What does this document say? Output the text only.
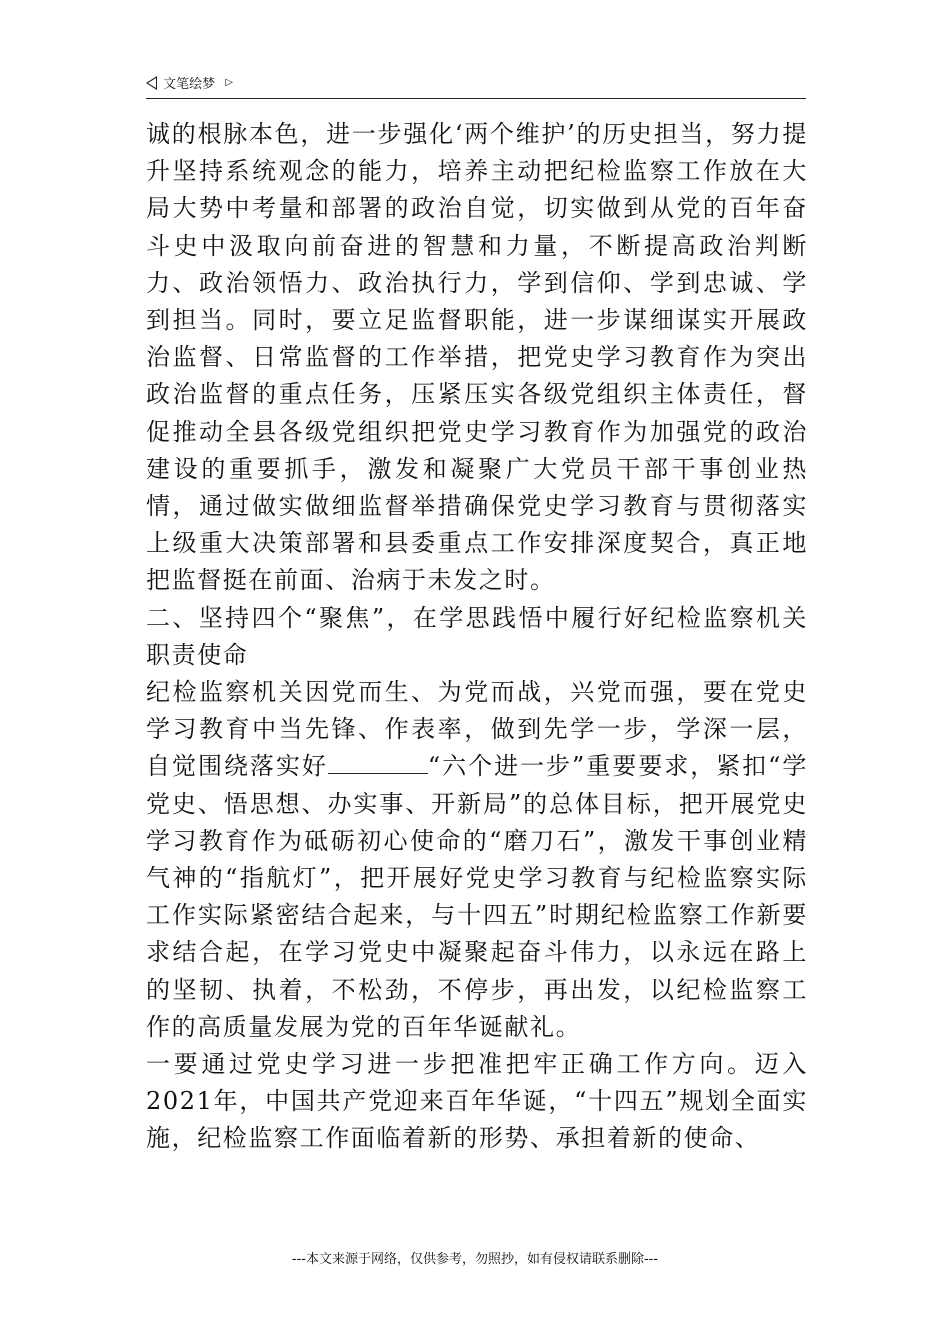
文笔绘梦 ▷

诚的根脉本色，进一步强化‘两个维护’的历史担当，努力提升坚持系统观念的能力，培养主动把纪检监察工作放在大局大势中考量和部署的政治自觉，切实做到从党的百年奋斗史中汲取向前奋进的智慧和力量，不断提高政治判断力、政治领悟力、政治执行力，学到信仰、学到忠诚、学到担当。同时，要立足监督职能，进一步谋细谋实开展政治监督、日常监督的工作举措，把党史学习教育作为突出政治监督的重点任务，压紧压实各级党组织主体责任，督促推动全县各级党组织把党史学习教育作为加强党的政治建设的重要抓手，激发和凝聚广大党员干部干事创业热情，通过做实做细监督举措确保党史学习教育与贯彻落实上级重大决策部署和县委重点工作安排深度契合，真正地把监督挺在前面、治病于未发之时。

二、坚持四个“聚焦”，在学思践悟中履行好纪检监察机关职责使命

纪检监察机关因党而生、为党而战，兴党而强，要在党史学习教育中当先锋、作表率，做到先学一步，学深一层，自觉围绕落实好	“六个进一步”重要要求，紧扣“学党史、悟思想、办实事、开新局”的总体目标，把开展党史学习教育作为砥砺初心使命的“磨刀石”，激发干事创业精气神的“指航灯”，把开展好党史学习教育与纪检监察实际工作实际紧密结合起来，与十四五”时期纪检监察工作新要求结合起，在学习党史中凝聚起奋斗伟力，以永远在路上的坚韧、执着，不松劲，不停步，再出发，以纪检监察工作的高质量发展为党的百年华诞献礼。

一要通过党史学习进一步把准把牢正确工作方向。迈入2021年，中国共产党迎来百年华诞，“十四五”规划全面实施，纪检监察工作面临着新的形势、承担着新的使命、

---本文来源于网络，仅供参考，勿照抄，如有侵权请联系删除---
